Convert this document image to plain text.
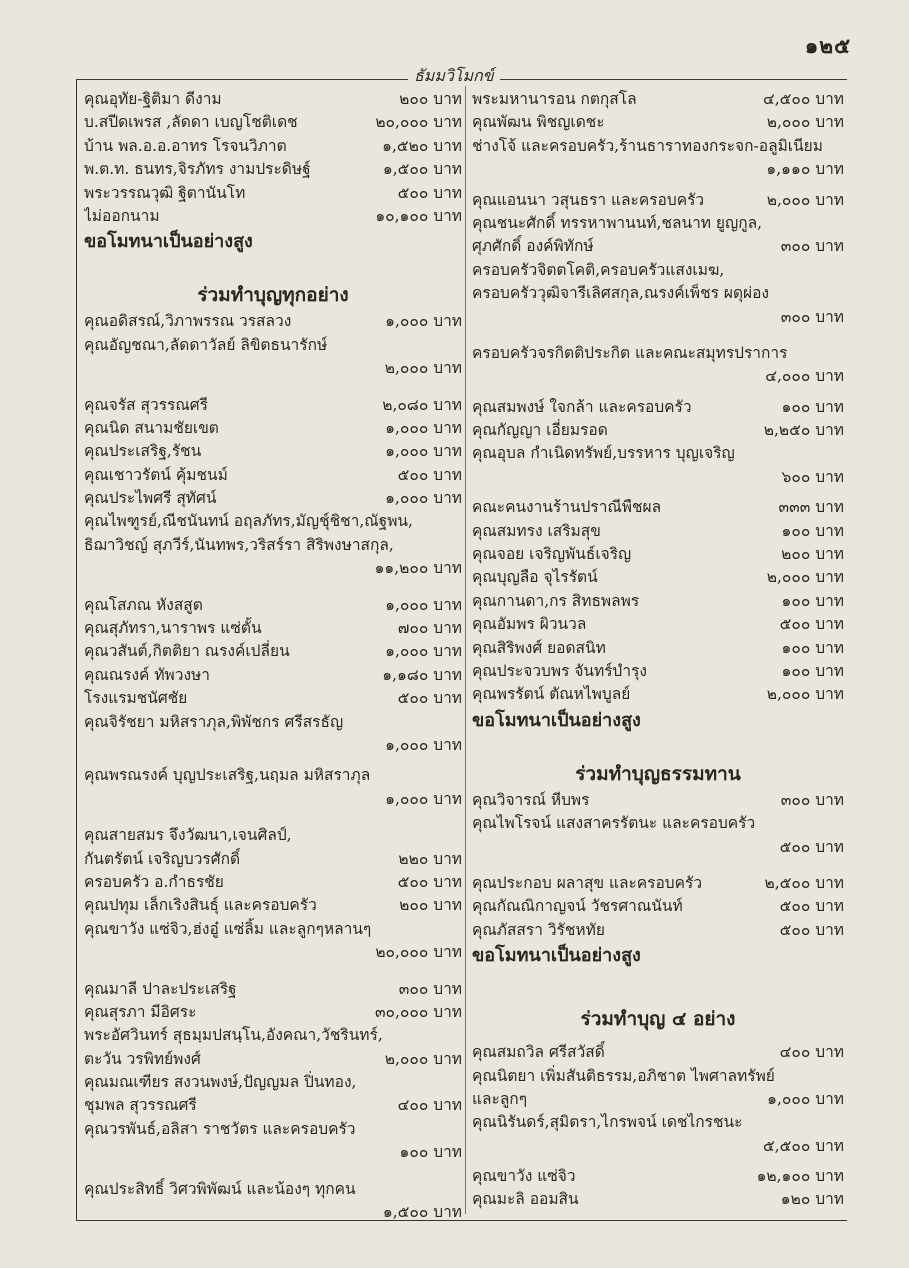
๑๒๕
ธัมมวิโมกข์
คุณอุทัย-ฐิติมา ดีงาม	๒๐๐ บาท
บ.สปีดเพรส ,ลัดดา เบญโชติเดช	๒๐,๐๐๐ บาท
บ้าน พล.อ.อ.อาทร โรจนวิภาต	๑,๕๒๐ บาท
พ.ต.ท. ธนทร,จิรภัทร งามประดิษฐ์	๑,๕๐๐ บาท
พระวรรณวุฒิ ฐิตานันโท	๕๐๐ บาท
ไม่ออกนาม	๑๐,๑๐๐ บาท
ขอโมทนาเป็นอย่างสูง
ร่วมทำบุญทุกอย่าง
คุณอดิสรณ์,วิภาพรรณ วรสลวง	๑,๐๐๐ บาท
คุณอัญชณา,ลัดดาวัลย์ ลิขิตธนารักษ์
๒,๐๐๐ บาท
คุณจรัส สุวรรณศรี	๒,๐๘๐ บาท
คุณนิด สนามชัยเขต	๑,๐๐๐ บาท
คุณประเสริฐ,รัชน	๑,๐๐๐ บาท
คุณเชาวรัตน์ คุ้มชนม์	๕๐๐ บาท
คุณประไพศรี สุทัศน์	๑,๐๐๐ บาท
คุณไพฑูรย์,ณีชนันทน์ อฤลภัทร,มัญชุ์ชิชา,ณัฐพน,
ธิฌาวิชญ์ สุภวีร์,นันทพร,วริสร์รา สิริพงษาสกุล,
๑๑,๒๐๐ บาท
คุณโสภณ หังสสูต	๑,๐๐๐ บาท
คุณสุภัทรา,นาราพร แซ่ตั้น	๗๐๐ บาท
คุณวสันต์,กิตติยา ณรงค์เปลี่ยน	๑,๐๐๐ บาท
คุณณรงค์ ทัพวงษา	๑,๑๘๐ บาท
โรงแรมชนัศชัย	๕๐๐ บาท
คุณจิรัชยา มหิสราภุล,พิพัชกร ศรีสรธัญ
๑,๐๐๐ บาท
คุณพรณรงค์ บุญประเสริฐ,นฤมล มหิสราภุล
๑,๐๐๐ บาท
คุณสายสมร จึงวัฒนา,เจนศิลป์,
กันตรัตน์ เจริญบวรศักดิ์	๒๒๐ บาท
ครอบครัว อ.กำธรชัย	๕๐๐ บาท
คุณปทุม เล็กเริงสินธุ์ และครอบครัว	๒๐๐ บาท
คุณขาวัง แซ่จิว,ฮ่งอู๋ แซ่ลิ้ม และลูกๆหลานๆ
๒๐,๐๐๐ บาท
คุณมาลี ปาละประเสริฐ	๓๐๐ บาท
คุณสุรภา มีอิศระ	๓๐,๐๐๐ บาท
พระอัศวินทร์ สุธมฺมปสนฺโน,อังคณา,วัชรินทร์,
ตะวัน วรพิทย์พงศ์	๒,๐๐๐ บาท
คุณมณเฑียร สงวนพงษ์,ปัญญมล ปิ่นทอง,
ชุมพล สุวรรณศรี	๔๐๐ บาท
คุณวรพันธ์,อลิสา ราชวัตร และครอบครัว
๑๐๐ บาท
คุณประสิทธิ์ วิศวพิพัฒน์ และน้องๆ ทุกคน
๑,๕๐๐ บาท
พระมหานารอน กตกุสโล	๔,๕๐๐ บาท
คุณพัฒน พิชญเดชะ	๒,๐๐๐ บาท
ช่างโจ้ และครอบครัว,ร้านธาราทองกระจก-อลูมิเนียม
๑,๑๑๐ บาท
คุณแอนนา วสุนธรา และครอบครัว	๒,๐๐๐ บาท
คุณชนะศักดิ์ ทรรหาพานนท์,ชลนาท ยูญกูล,
ศุภศักดิ์ องค์พิทักษ์	๓๐๐ บาท
ครอบครัวจิตตโคติ,ครอบครัวแสงเมฆ,
ครอบครัววุฒิจารีเลิศสกุล,ณรงค์เพ็ชร ผดุผ่อง
๓๐๐ บาท
ครอบครัวจรกิตติประกิต และคณะสมุทรปราการ
๔,๐๐๐ บาท
คุณสมพงษ์ ใจกล้า และครอบครัว	๑๐๐ บาท
คุณกัญญา เอี่ยมรอด	๒,๒๕๐ บาท
คุณอุบล กำเนิดทรัพย์,บรรหาร บุญเจริญ
๖๐๐ บาท
คณะคนงานร้านปราณีพืชผล	๓๓๓ บาท
คุณสมทรง เสริมสุข	๑๐๐ บาท
คุณจอย เจริญพันธ์เจริญ	๒๐๐ บาท
คุณบุญลือ จุไรรัตน์	๒,๐๐๐ บาท
คุณกานดา,กร สิทธพลพร	๑๐๐ บาท
คุณอัมพร ผิวนวล	๕๐๐ บาท
คุณสิริพงศ์ ยอดสนิท	๑๐๐ บาท
คุณประจวบพร จันทร์บำรุง	๑๐๐ บาท
คุณพรรัตน์ ตัณหไพบูลย์	๒,๐๐๐ บาท
ขอโมทนาเป็นอย่างสูง
ร่วมทำบุญธรรมทาน
คุณวิจารณ์ หีบพร	๓๐๐ บาท
คุณไพโรจน์ แสงสาครรัตนะ และครอบครัว
๕๐๐ บาท
คุณประกอบ ผลาสุข และครอบครัว	๒,๕๐๐ บาท
คุณกัณณิกาญจน์ วัชรศาณนันท์	๕๐๐ บาท
คุณภัสสรา วิรัชหทัย	๕๐๐ บาท
ขอโมทนาเป็นอย่างสูง
ร่วมทำบุญ ๔ อย่าง
คุณสมถวิล ศรีสวัสดิ์	๔๐๐ บาท
คุณนิตยา เพิ่มสันติธรรม,อภิชาต ไพศาลทรัพย์
และลูกๆ	๑,๐๐๐ บาท
คุณนิรันดร์,สุมิตรา,ไกรพจน์ เดชไกรชนะ
๕,๕๐๐ บาท
คุณขาวัง แซ่จิว	๑๒,๑๐๐ บาท
คุณมะลิ ออมสิน	๑๒๐ บาท
